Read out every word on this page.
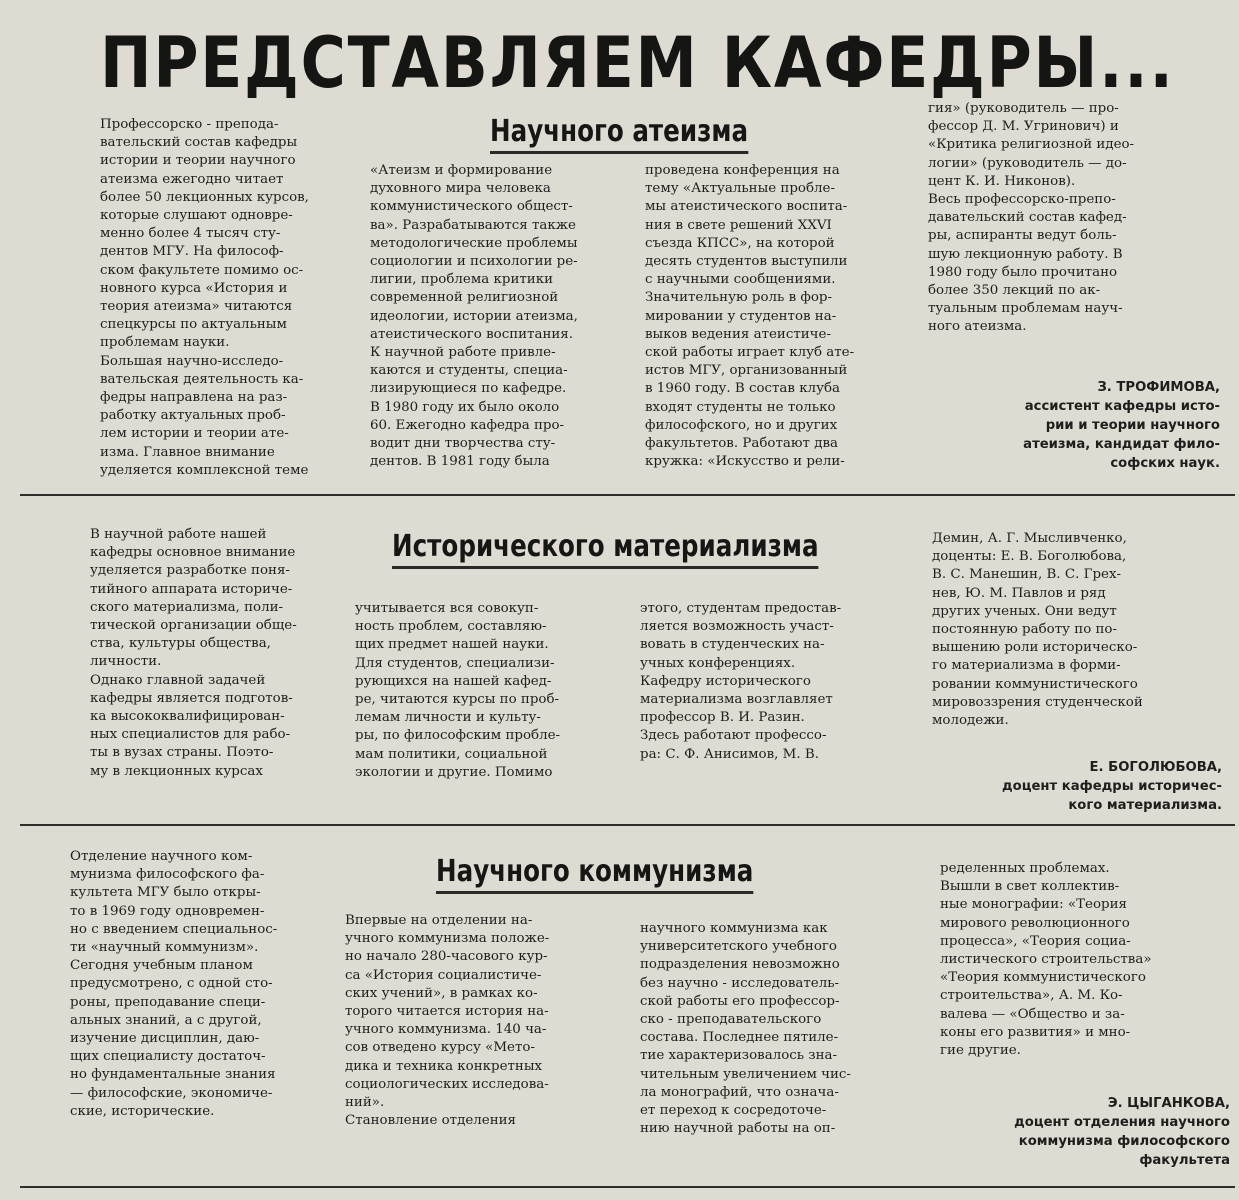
ПРЕДСТАВЛЯЕМ КАФЕДРЫ...
Научного атеизма
Профессорско - препода-
вательский состав кафедры
истории и теории научного
атеизма ежегодно читает
более 50 лекционных курсов,
которые слушают одновре-
менно более 4 тысяч сту-
дентов МГУ. На философ-
ском факультете помимо ос-
новного курса «История и
теория атеизма» читаются
спецкурсы по актуальным
проблемам науки.
Большая научно-исследо-
вательская деятельность ка-
федры направлена на раз-
работку актуальных проб-
лем истории и теории ате-
изма. Главное внимание
уделяется комплексной теме
«Атеизм и формирование
духовного мира человека
коммунистического общест-
ва». Разрабатываются также
методологические проблемы
социологии и психологии ре-
лигии, проблема критики
современной религиозной
идеологии, истории атеизма,
атеистического воспитания.
К научной работе привле-
каются и студенты, специа-
лизирующиеся по кафедре.
В 1980 году их было около
60. Ежегодно кафедра про-
водит дни творчества сту-
дентов. В 1981 году была
проведена конференция на
тему «Актуальные пробле-
мы атеистического воспита-
ния в свете решений XXVI
съезда КПСС», на которой
десять студентов выступили
с научными сообщениями.
Значительную роль в фор-
мировании у студентов на-
выков ведения атеистиче-
ской работы играет клуб ате-
истов МГУ, организованный
в 1960 году. В состав клуба
входят студенты не только
философского, но и других
факультетов. Работают два
кружка: «Искусство и рели-
гия» (руководитель — про-
фессор Д. М. Угринович) и
«Критика религиозной идео-
логии» (руководитель — до-
цент К. И. Никонов).
Весь профессорско-препо-
давательский состав кафед-
ры, аспиранты ведут боль-
шую лекционную работу. В
1980 году было прочитано
более 350 лекций по ак-
туальным проблемам науч-
ного атеизма.
З. ТРОФИМОВА,
ассистент кафедры исто-
рии и теории научного
атеизма, кандидат фило-
софских наук.
Исторического материализма
В научной работе нашей
кафедры основное внимание
уделяется разработке поня-
тийного аппарата историче-
ского материализма, поли-
тической организации обще-
ства, культуры общества,
личности.
Однако главной задачей
кафедры является подготов-
ка высококвалифицирован-
ных специалистов для рабо-
ты в вузах страны. Поэто-
му в лекционных курсах
учитывается вся совокуп-
ность проблем, составляю-
щих предмет нашей науки.
Для студентов, специализи-
рующихся на нашей кафед-
ре, читаются курсы по проб-
лемам личности и культу-
ры, по философским пробле-
мам политики, социальной
экологии и другие. Помимо
этого, студентам предостав-
ляется возможность участ-
вовать в студенческих на-
учных конференциях.
Кафедру исторического
материализма возглавляет
профессор В. И. Разин.
Здесь работают профессо-
ра: С. Ф. Анисимов, М. В.
Демин, А. Г. Мысливченко,
доценты: Е. В. Боголюбова,
В. С. Манешин, В. С. Грех-
нев, Ю. М. Павлов и ряд
других ученых. Они ведут
постоянную работу по по-
вышению роли историческо-
го материализма в форми-
ровании коммунистического
мировоззрения студенческой
молодежи.
Е. БОГОЛЮБОВА,
доцент кафедры историчес-
кого материализма.
Научного коммунизма
Отделение научного ком-
мунизма философского фа-
культета МГУ было откры-
то в 1969 году одновремен-
но с введением специальнос-
ти «научный коммунизм».
Сегодня учебным планом
предусмотрено, с одной сто-
роны, преподавание специ-
альных знаний, а с другой,
изучение дисциплин, даю-
щих специалисту достаточ-
но фундаментальные знания
— философские, экономиче-
ские, исторические.
Впервые на отделении на-
учного коммунизма положе-
но начало 280-часового кур-
са «История социалистиче-
ских учений», в рамках ко-
торого читается история на-
учного коммунизма. 140 ча-
сов отведено курсу «Мето-
дика и техника конкретных
социологических исследова-
ний».
Становление отделения
научного коммунизма как
университетского учебного
подразделения невозможно
без научно - исследователь-
ской работы его профессор-
ско - преподавательского
состава. Последнее пятиле-
тие характеризовалось зна-
чительным увеличением чис-
ла монографий, что означа-
ет переход к сосредоточе-
нию научной работы на оп-
ределенных проблемах.
Вышли в свет коллектив-
ные монографии: «Теория
мирового революционного
процесса», «Теория социа-
листического строительства»
«Теория коммунистического
строительства», А. М. Ко-
валева — «Общество и за-
коны его развития» и мно-
гие другие.
Э. ЦЫГАНКОВА,
доцент отделения научного
коммунизма философского
факультета
